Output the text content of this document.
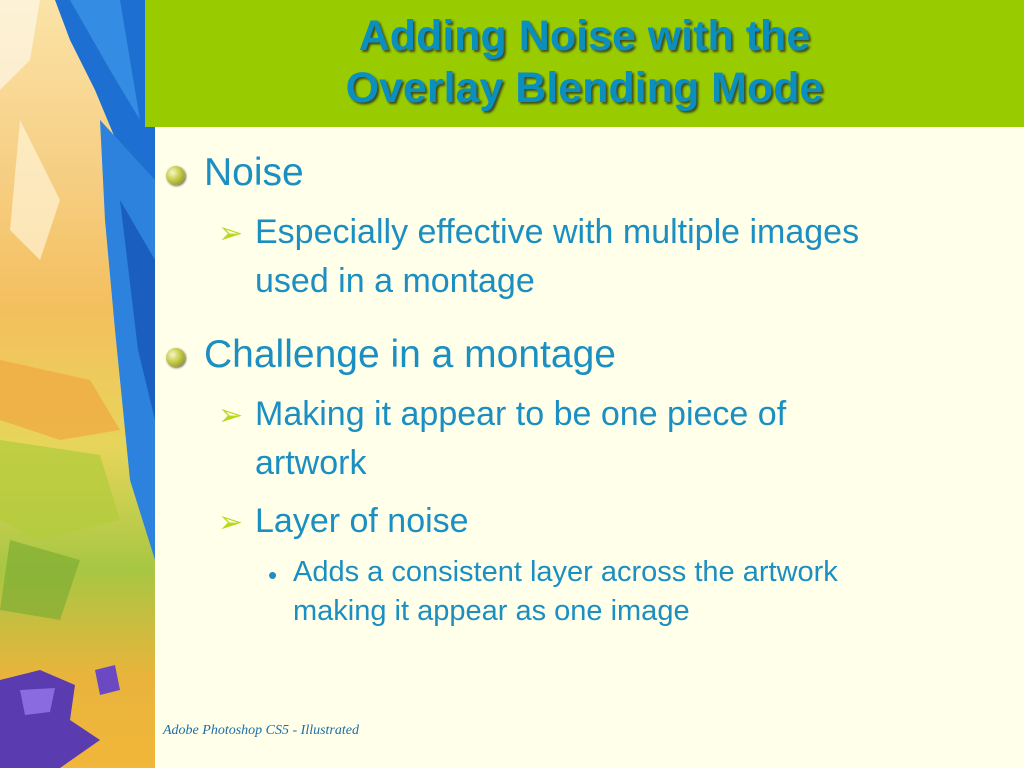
Adding Noise with the
Overlay Blending Mode
Noise
➢ Especially effective with multiple images
used in a montage
Challenge in a montage
➢ Making it appear to be one piece of
artwork
➢ Layer of noise
• Adds a consistent layer across the artwork
making it appear as one image
Adobe Photoshop CS5 - Illustrated
